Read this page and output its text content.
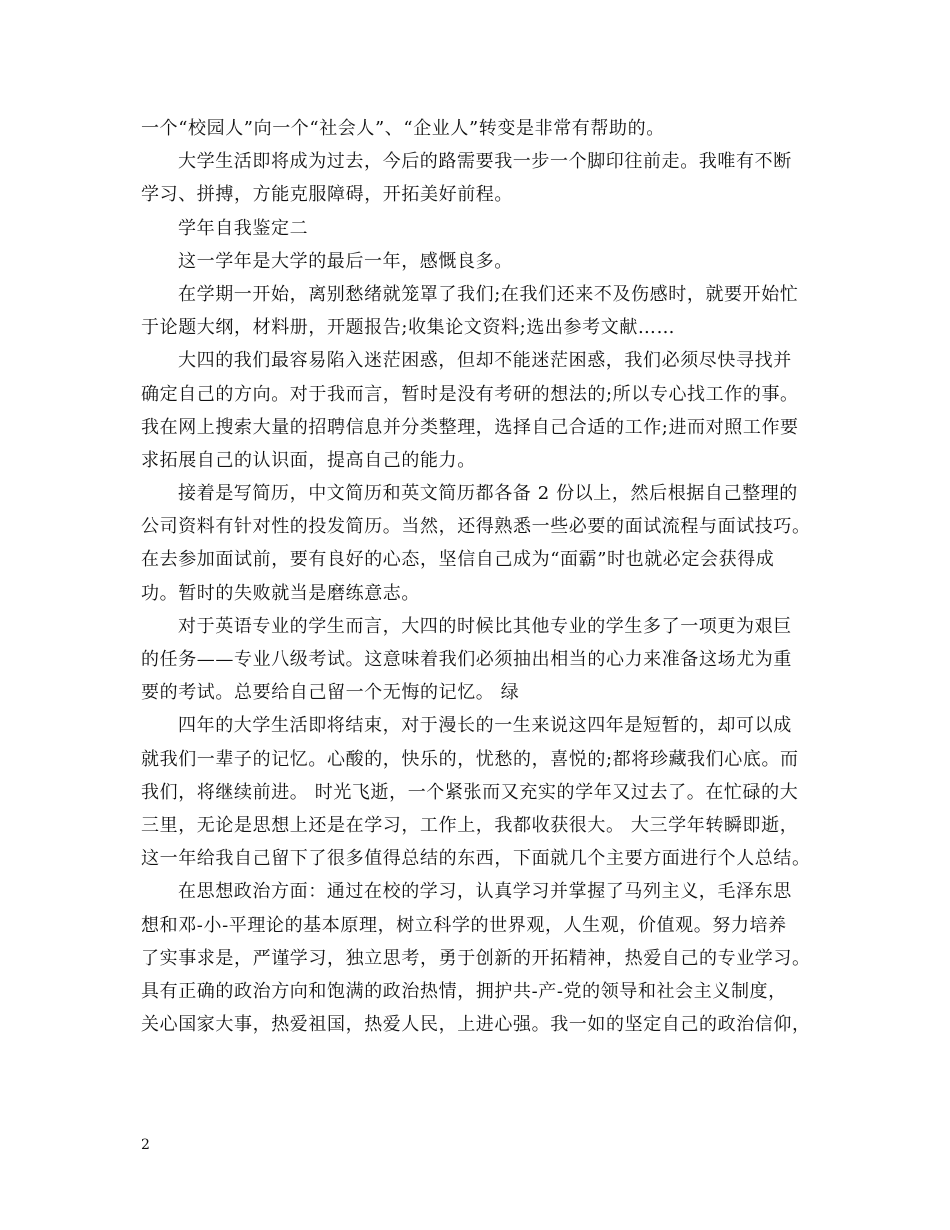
一个“校园人”向一个“社会人”、“企业人”转变是非常有帮助的。
大学生活即将成为过去，今后的路需要我一步一个脚印往前走。我唯有不断
学习、拼搏，方能克服障碍，开拓美好前程。
学年自我鉴定二
这一学年是大学的最后一年，感慨良多。
在学期一开始，离别愁绪就笼罩了我们;在我们还来不及伤感时，就要开始忙
于论题大纲，材料册，开题报告;收集论文资料;选出参考文献……
大四的我们最容易陷入迷茫困惑，但却不能迷茫困惑，我们必须尽快寻找并
确定自己的方向。对于我而言，暂时是没有考研的想法的;所以专心找工作的事。
我在网上搜索大量的招聘信息并分类整理，选择自己合适的工作;进而对照工作要
求拓展自己的认识面，提高自己的能力。
接着是写简历，中文简历和英文简历都各备 2 份以上，然后根据自己整理的
公司资料有针对性的投发简历。当然，还得熟悉一些必要的面试流程与面试技巧。
在去参加面试前，要有良好的心态，坚信自己成为“面霸”时也就必定会获得成
功。暂时的失败就当是磨练意志。
对于英语专业的学生而言，大四的时候比其他专业的学生多了一项更为艰巨
的任务——专业八级考试。这意味着我们必须抽出相当的心力来准备这场尤为重
要的考试。总要给自己留一个无悔的记忆。 绿
四年的大学生活即将结束，对于漫长的一生来说这四年是短暂的，却可以成
就我们一辈子的记忆。心酸的，快乐的，忧愁的，喜悦的;都将珍藏我们心底。而
我们，将继续前进。 时光飞逝，一个紧张而又充实的学年又过去了。在忙碌的大
三里，无论是思想上还是在学习，工作上，我都收获很大。 大三学年转瞬即逝，
这一年给我自己留下了很多值得总结的东西，下面就几个主要方面进行个人总结。
在思想政治方面：通过在校的学习，认真学习并掌握了马列主义，毛泽东思
想和邓-小-平理论的基本原理，树立科学的世界观，人生观，价值观。努力培养
了实事求是，严谨学习，独立思考，勇于创新的开拓精神，热爱自己的专业学习。
具有正确的政治方向和饱满的政治热情，拥护共-产-党的领导和社会主义制度，
关心国家大事，热爱祖国，热爱人民，上进心强。我一如的坚定自己的政治信仰，
2
